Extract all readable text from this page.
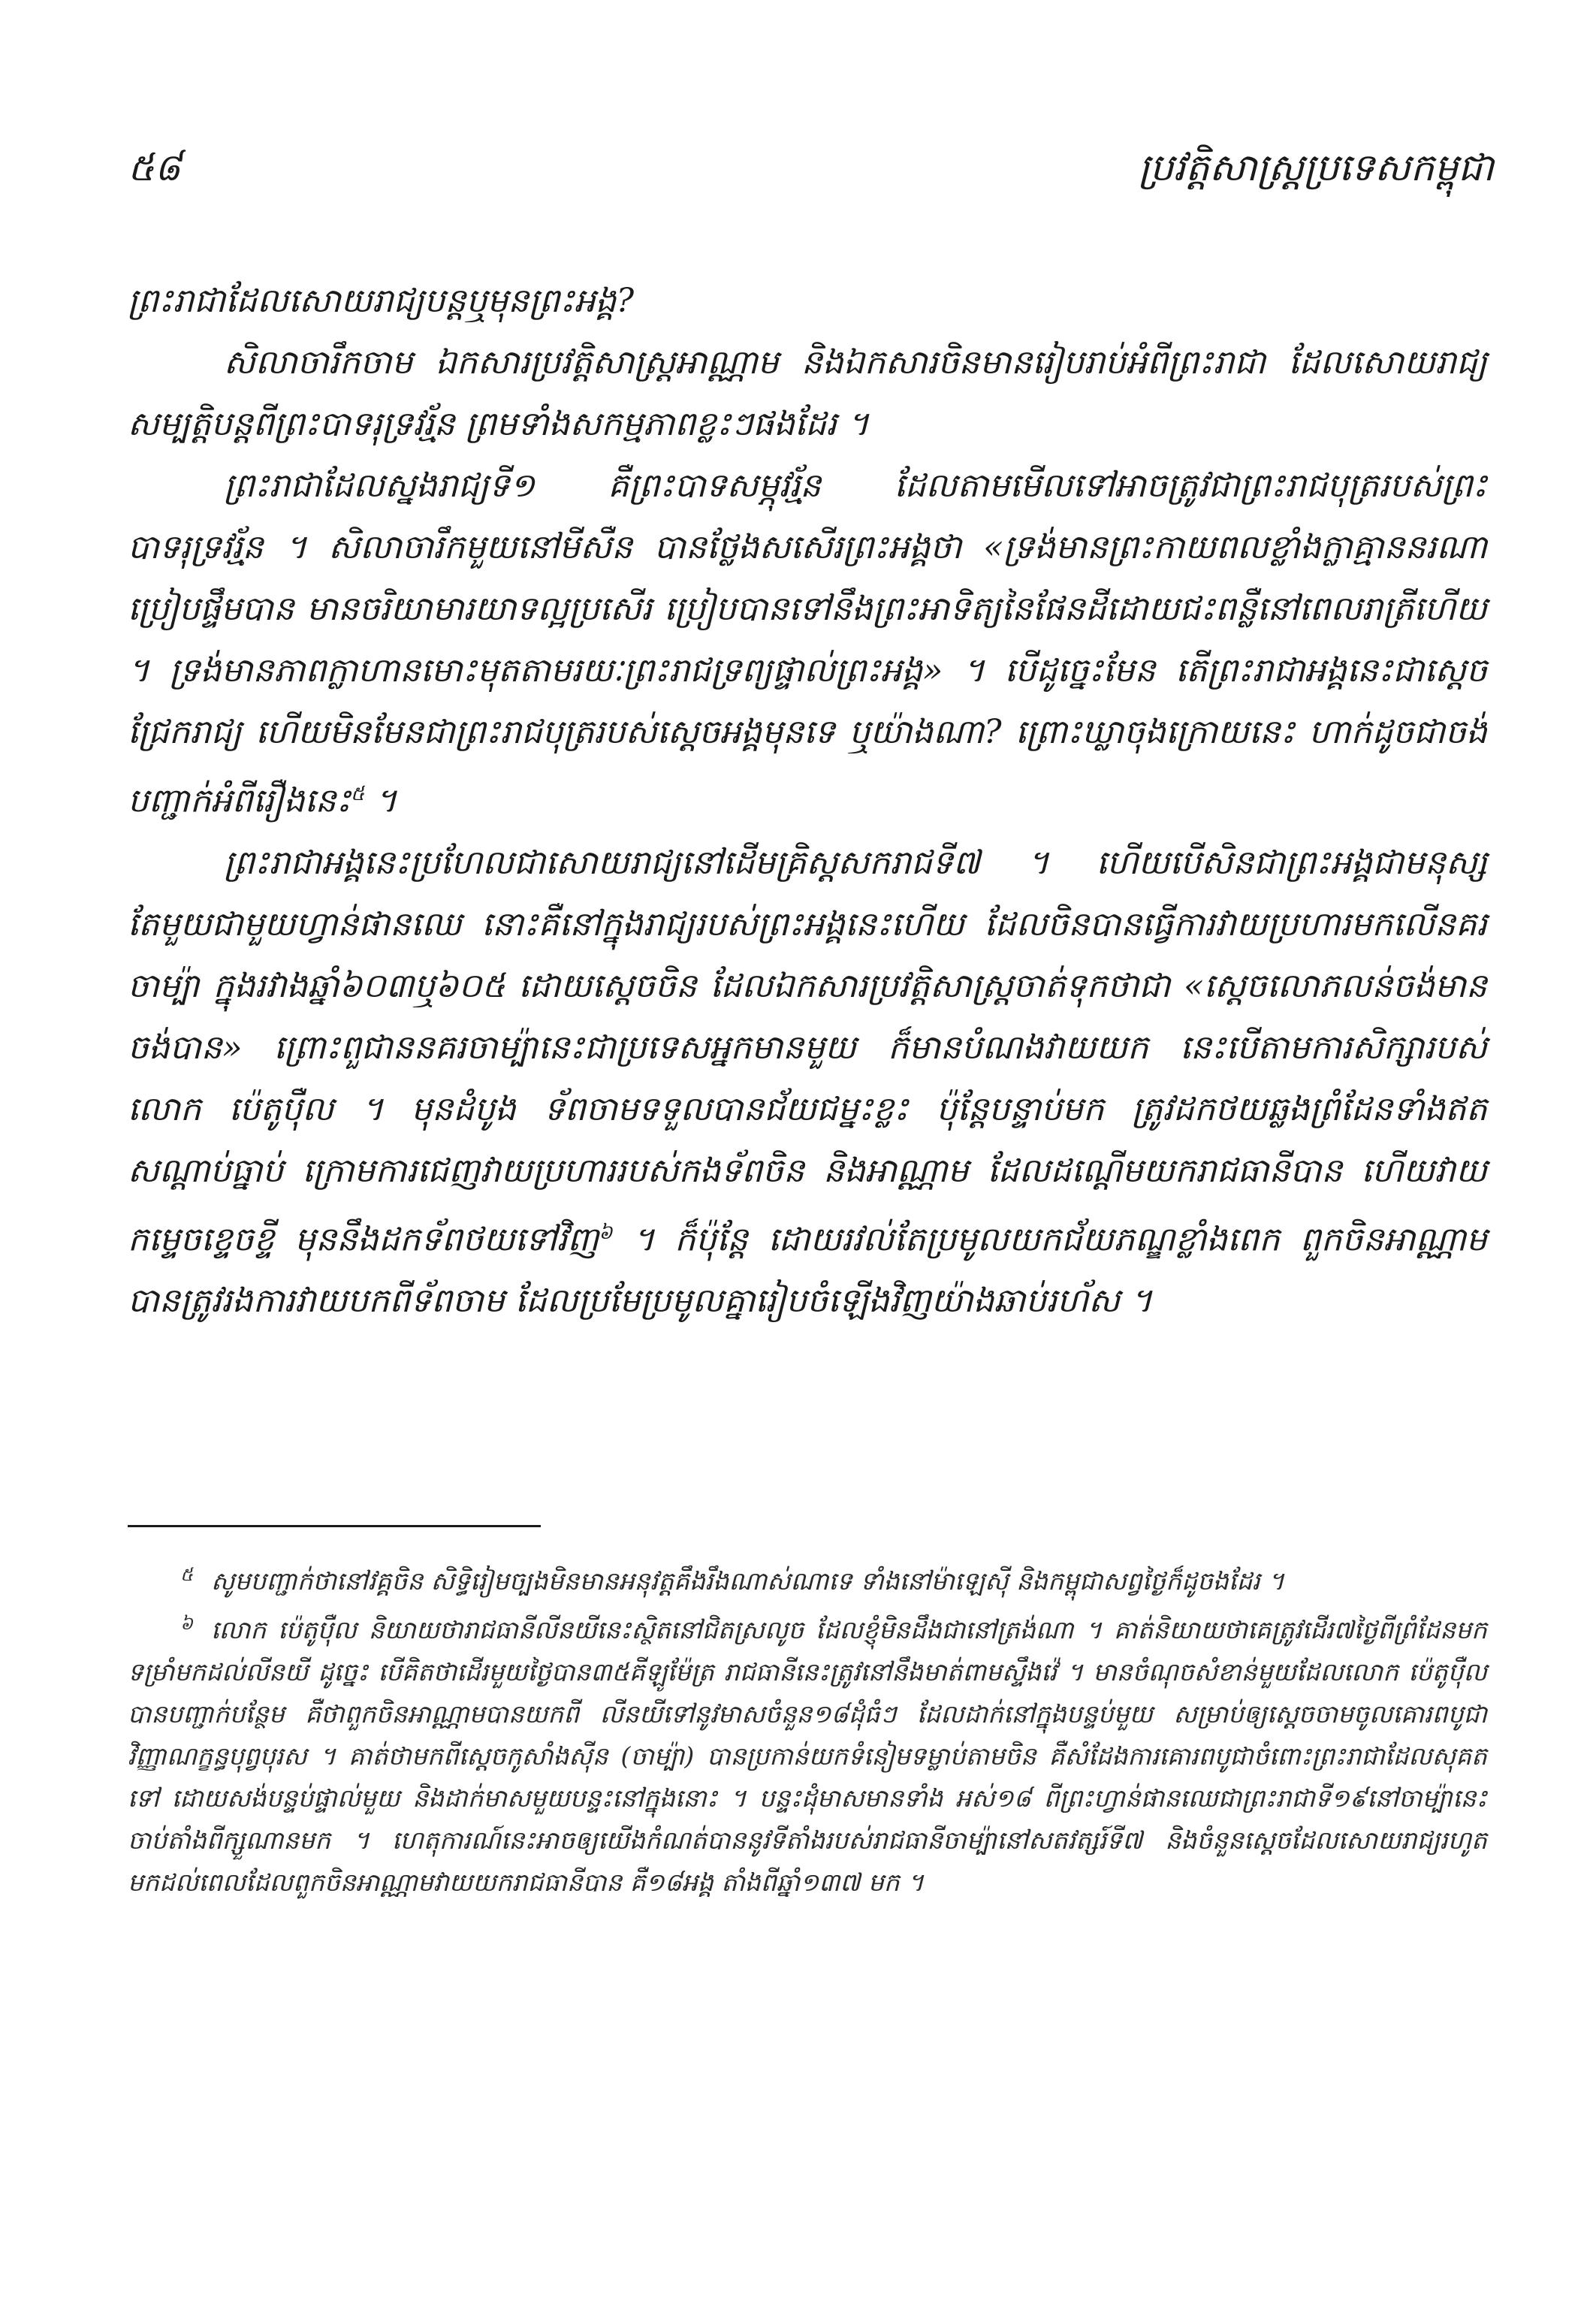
៥៨	ប្រវត្តិសាស្ត្រប្រទេសកម្ពុជា

ព្រះរាជាដែលសោយរាជ្យបន្តឬមុនព្រះអង្គ?

សិលាចារឹកចាម ឯកសារប្រវត្តិសាស្ត្រអាណ្ណាម និងឯកសារចិនមានរៀបរាប់អំពីព្រះរាជា ដែលសោយរាជ្យសម្បត្តិបន្តពីព្រះបាទរុទ្រវរ្ម័ន ព្រមទាំងសកម្មភាពខ្លះៗផងដែរ ។

ព្រះរាជាដែលស្នងរាជ្យទី១ គឺព្រះបាទសម្ភុវរ្ម័ន ដែលតាមមើលទៅអាចត្រូវជាព្រះរាជបុត្ររបស់ព្រះបាទរុទ្រវរ្ម័ន ។ សិលាចារឹកមួយនៅមីសឺន បានថ្លែងសសើរព្រះអង្គថា «ទ្រង់មានព្រះកាយពលខ្លាំងក្លាគ្មាននរណាប្រៀបផ្ទឹមបាន មានចរិយាមារយាទល្អប្រសើរ ប្រៀបបានទៅនឹងព្រះអាទិត្យនៃផែនដីដោយជះពន្លឺនៅពេលរាត្រីហើយ ។ ទ្រង់មានភាពក្លាហានមោះមុតតាមរយៈព្រះរាជទ្រព្យផ្ទាល់ព្រះអង្គ» ។ បើដូច្នេះមែន តើព្រះរាជាអង្គនេះជាស្តេចជ្រែករាជ្យ ហើយមិនមែនជាព្រះរាជបុត្ររបស់ស្តេចអង្គមុនទេ ឬយ៉ាងណា? ព្រោះឃ្លាចុងក្រោយនេះ ហាក់ដូចជាចង់បញ្ជាក់អំពីរឿងនេះ$^៥$ ។

ព្រះរាជាអង្គនេះប្រហែលជាសោយរាជ្យនៅដើមគ្រិស្តសករាជទី៧ ។ ហើយបើសិនជាព្រះអង្គជាមនុស្សតែមួយជាមួយហ្វាន់ផានឈេ នោះគឺនៅក្នុងរាជ្យរបស់ព្រះអង្គនេះហើយ ដែលចិនបានធ្វើការវាយប្រហារមកលើនគរចាម្ប៉ា ក្នុងរវាងឆ្នាំ៦០៣ឬ៦០៥ ដោយស្តេចចិន ដែលឯកសារប្រវត្តិសាស្ត្រចាត់ទុកថាជា «ស្តេចលោភលន់ចង់មានចង់បាន» ព្រោះពួជាននគរចាម្ប៉ានេះជាប្រទេសអ្នកមានមួយ ក៏មានបំណងវាយយក នេះបើតាមការសិក្សារបស់លោក ប៉េតូប៉ឺល ។ មុនដំបូង ទ័ពចាមទទួលបានជ័យជម្នះខ្លះ ប៉ុន្តែបន្ទាប់មក ត្រូវដកថយឆ្លងព្រំដែនទាំងឥតសណ្ដាប់ធ្នាប់ ក្រោមការជេញវាយប្រហាររបស់កងទ័ពចិន និងអាណ្ណាម ដែលដណ្ដើមយករាជធានីបាន ហើយវាយកម្ទេចខ្ទេចខ្ទី មុននឹងដកទ័ពថយទៅវិញ$^៦$ ។ ក៏ប៉ុន្តែ ដោយរវល់តែប្រមូលយកជ័យភណ្ឌខ្លាំងពេក ពួកចិនអាណ្ណាមបានត្រូវរងការវាយបកពីទ័ពចាម ដែលប្រមែប្រមូលគ្នារៀបចំឡើងវិញយ៉ាងឆាប់រហ័ស ។

$^៥$ សូមបញ្ជាក់ថានៅវគ្គចិន សិទ្ធិរៀមច្បងមិនមានអនុវត្តគឹងរឹងណាស់ណាទេ ទាំងនៅម៉ាឡេស៊ី និងកម្ពុជាសព្វថ្ងៃក៏ដូចងដែរ ។

$^៦$ លោក ប៉េតូប៉ឺល និយាយថារាជធានីលីនយីនេះស្ថិតនៅជិតស្រលូច ដែលខ្ញុំមិនដឹងជានៅត្រង់ណា ។ គាត់និយាយថាគេត្រូវដើរ៧ថ្ងៃពីព្រំដែនមក ទម្រាំមកដល់លីនយី ដូច្នេះ បើគិតថាដើរមួយថ្ងៃបាន៣៥គីឡូម៉ែត្រ រាជធានីនេះត្រូវនៅនឹងមាត់ពាមស្ទឹងវ៉េ ។ មានចំណុចសំខាន់មួយដែលលោក ប៉េតូប៉ឺល បានបញ្ជាក់បន្ថែម គឺថាពួកចិនអាណ្ណាមបានយកពី លីនយីទៅនូវមាសចំនួន១៨ដុំធំៗ ដែលដាក់នៅក្នុងបន្ទប់មួយ សម្រាប់ឲ្យស្តេចចាមចូលគោរពបូជាវិញ្ញាណក្ខន្ធបុព្វបុរស ។ គាត់ថាមកពីស្តេចកូសាំងស៊ីន (ចាម្ប៉ា) បានប្រកាន់យកទំនៀមទម្លាប់តាមចិន គឺសំដែងការគោរពបូជាចំពោះព្រះរាជាដែលសុគតទៅ ដោយសង់បន្ទប់ផ្ទាល់មួយ និងដាក់មាសមួយបន្ទះនៅក្នុងនោះ ។ បន្ទះដុំមាសមានទាំង អស់១៨ ពីព្រះហ្វាន់ផានឈេជាព្រះរាជាទី១៩នៅចាម្ប៉ានេះ ចាប់តាំងពីក្សួណានមក ។ ហេតុការណ៍នេះអាចឲ្យយើងកំណត់បាននូវទីតាំងរបស់រាជធានីចាម្ប៉ានៅសតវត្សរ៍ទី៧ និងចំនួនស្តេចដែលសោយរាជ្យរហូតមកដល់ពេលដែលពួកចិនអាណ្ណាមវាយយករាជធានីបាន គឺ១៨អង្គ តាំងពីឆ្នាំ១៣៧ មក ។
